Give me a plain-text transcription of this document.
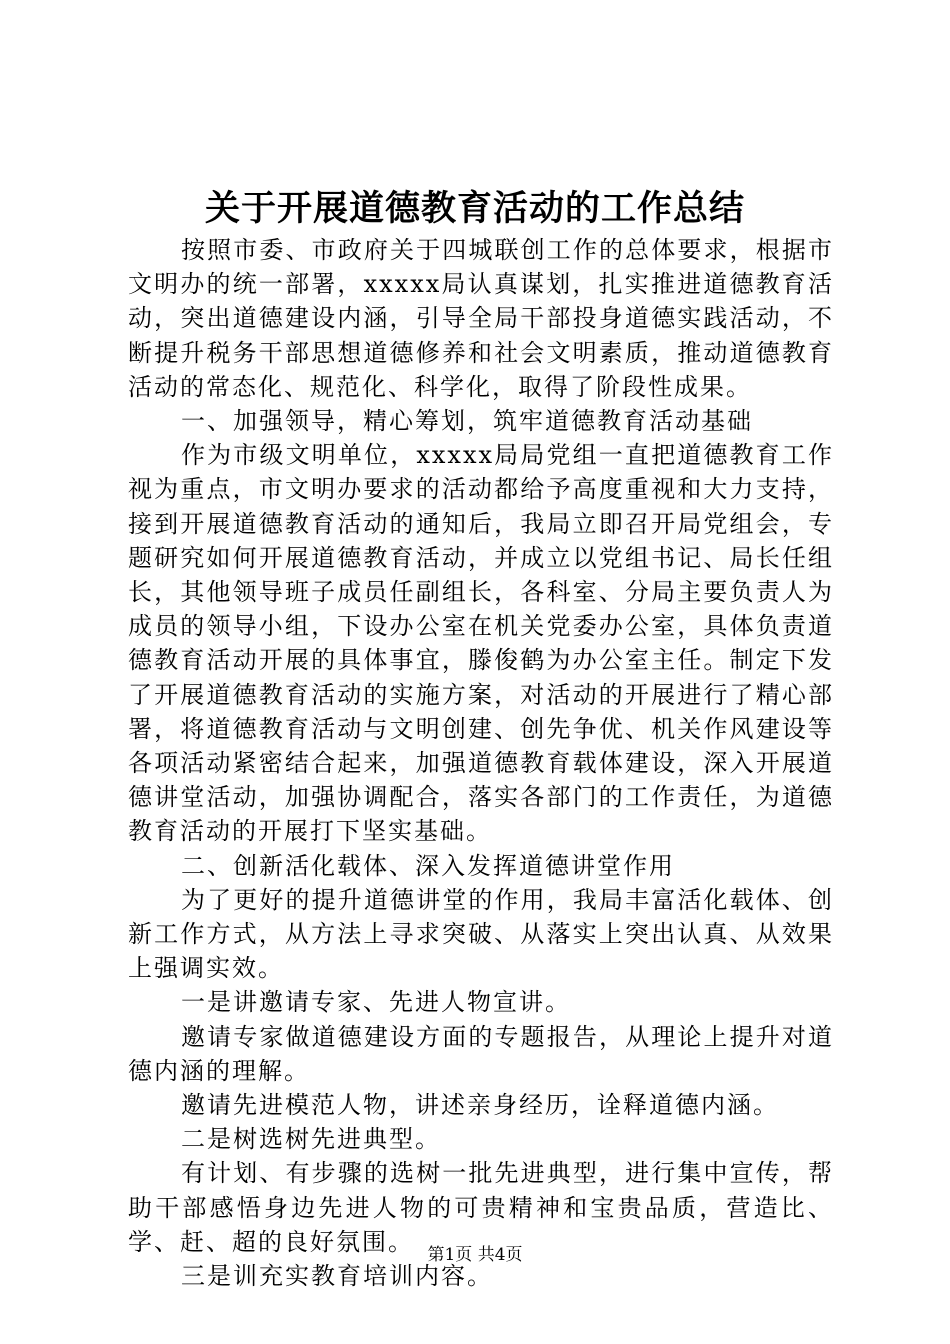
关于开展道德教育活动的工作总结

按照市委、市政府关于四城联创工作的总体要求，根据市文明办的统一部署，xxxxx局认真谋划，扎实推进道德教育活动，突出道德建设内涵，引导全局干部投身道德实践活动，不断提升税务干部思想道德修养和社会文明素质，推动道德教育活动的常态化、规范化、科学化，取得了阶段性成果。

一、加强领导，精心筹划，筑牢道德教育活动基础

作为市级文明单位，xxxxx局局党组一直把道德教育工作视为重点，市文明办要求的活动都给予高度重视和大力支持，接到开展道德教育活动的通知后，我局立即召开局党组会，专题研究如何开展道德教育活动，并成立以党组书记、局长任组长，其他领导班子成员任副组长，各科室、分局主要负责人为成员的领导小组，下设办公室在机关党委办公室，具体负责道德教育活动开展的具体事宜，滕俊鹤为办公室主任。制定下发了开展道德教育活动的实施方案，对活动的开展进行了精心部署，将道德教育活动与文明创建、创先争优、机关作风建设等各项活动紧密结合起来，加强道德教育载体建设，深入开展道德讲堂活动，加强协调配合，落实各部门的工作责任，为道德教育活动的开展打下坚实基础。

二、创新活化载体、深入发挥道德讲堂作用

为了更好的提升道德讲堂的作用，我局丰富活化载体、创新工作方式，从方法上寻求突破、从落实上突出认真、从效果上强调实效。

一是讲邀请专家、先进人物宣讲。

邀请专家做道德建设方面的专题报告，从理论上提升对道德内涵的理解。

邀请先进模范人物，讲述亲身经历，诠释道德内涵。

二是树选树先进典型。

有计划、有步骤的选树一批先进典型，进行集中宣传，帮助干部感悟身边先进人物的可贵精神和宝贵品质，营造比、学、赶、超的良好氛围。

三是训充实教育培训内容。

第1页 共4页
